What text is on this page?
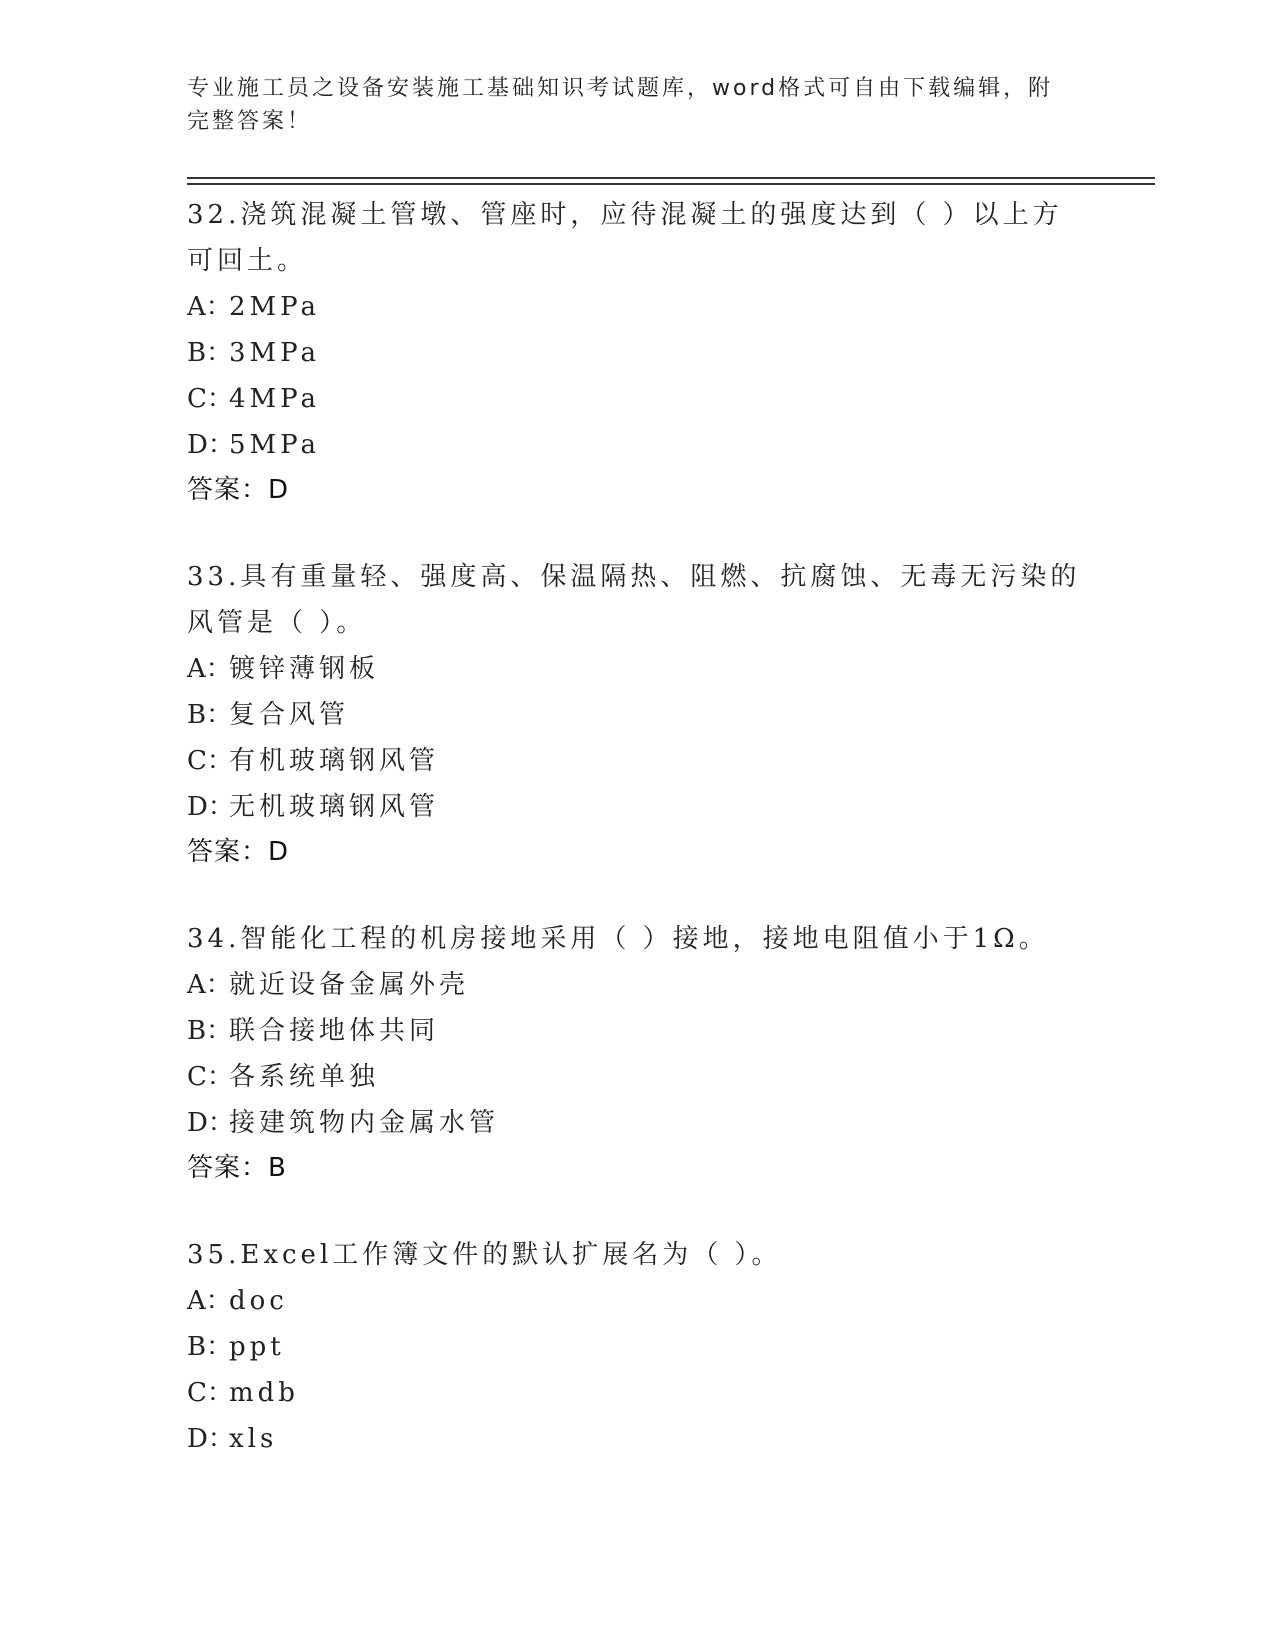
专业施工员之设备安装施工基础知识考试题库，word格式可自由下载编辑，附完整答案！

32.浇筑混凝土管墩、管座时，应待混凝土的强度达到（ ）以上方可回土。

A：2MPa

B：3MPa

C：4MPa

D：5MPa

答案：D

33.具有重量轻、强度高、保温隔热、阻燃、抗腐蚀、无毒无污染的风管是（ ）。

A：镀锌薄钢板

B：复合风管

C：有机玻璃钢风管

D：无机玻璃钢风管

答案：D

34.智能化工程的机房接地采用（ ）接地，接地电阻值小于1Ω。

A：就近设备金属外壳

B：联合接地体共同

C：各系统单独

D：接建筑物内金属水管

答案：B

35.Excel工作簿文件的默认扩展名为（ ）。

A：doc

B：ppt

C：mdb

D：xls
